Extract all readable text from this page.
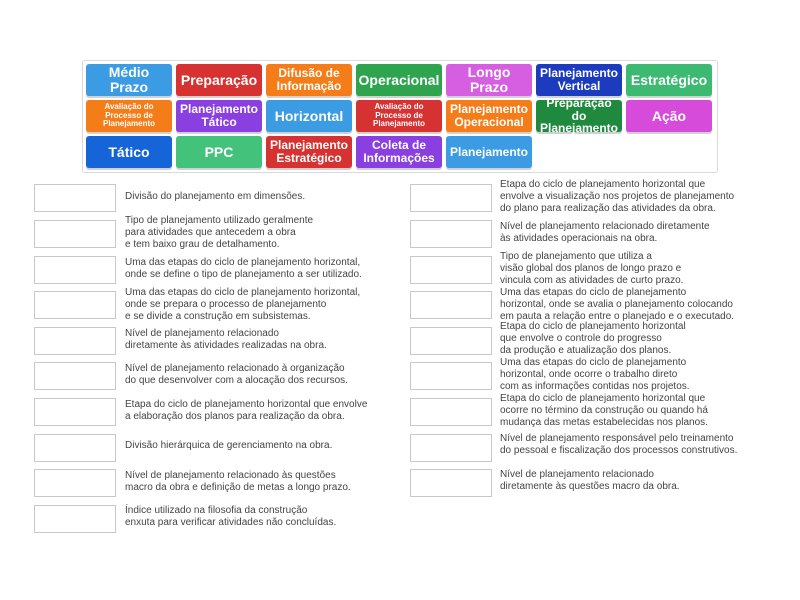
Médio Prazo	Preparação	Difusão de Informação	Operacional	Longo Prazo
Planejamento Vertical	Estratégico
Avaliação do Processo de Planejamento
Planejamento Tático	Horizontal
Avaliação do Processo de Planejamento
Planejamento Operacional
Preparação do Planejamento
Ação
Tático	PPC	Planejamento Estratégico
Coleta de Informações	Planejamento
Divisão do planejamento em dimensões.
Tipo de planejamento utilizado geralmente
para atividades que antecedem a obra
e tem baixo grau de detalhamento.
Uma das etapas do ciclo de planejamento horizontal,
onde se define o tipo de planejamento a ser utilizado.
Uma das etapas do ciclo de planejamento horizontal,
onde se prepara o processo de planejamento
e se divide a construção em subsistemas.
Nível de planejamento relacionado
diretamente às atividades realizadas na obra.
Nível de planejamento relacionado à organização
do que desenvolver com a alocação dos recursos.
Etapa do ciclo de planejamento horizontal que envolve
a elaboração dos planos para realização da obra.
Divisão hierárquica de gerenciamento na obra.
Nível de planejamento relacionado às questões
macro da obra e definição de metas a longo prazo.
Índice utilizado na filosofia da construção
enxuta para verificar atividades não concluídas.
Etapa do ciclo de planejamento horizontal que
envolve a visualização nos projetos de planejamento
do plano para realização das atividades da obra.
Nível de planejamento relacionado diretamente
às atividades operacionais na obra.
Tipo de planejamento que utiliza a
visão global dos planos de longo prazo e
vincula com as atividades de curto prazo.
Uma das etapas do ciclo de planejamento
horizontal, onde se avalia o planejamento colocando
em pauta a relação entre o planejado e o executado.
Etapa do ciclo de planejamento horizontal
que envolve o controle do progresso
da produção e atualização dos planos.
Uma das etapas do ciclo de planejamento
horizontal, onde ocorre o trabalho direto
com as informações contidas nos projetos.
Etapa do ciclo de planejamento horizontal que
ocorre no término da construção ou quando há
mudança das metas estabelecidas nos planos.
Nível de planejamento responsável pelo treinamento
do pessoal e fiscalização dos processos construtivos.
Nível de planejamento relacionado
diretamente às questões macro da obra.
